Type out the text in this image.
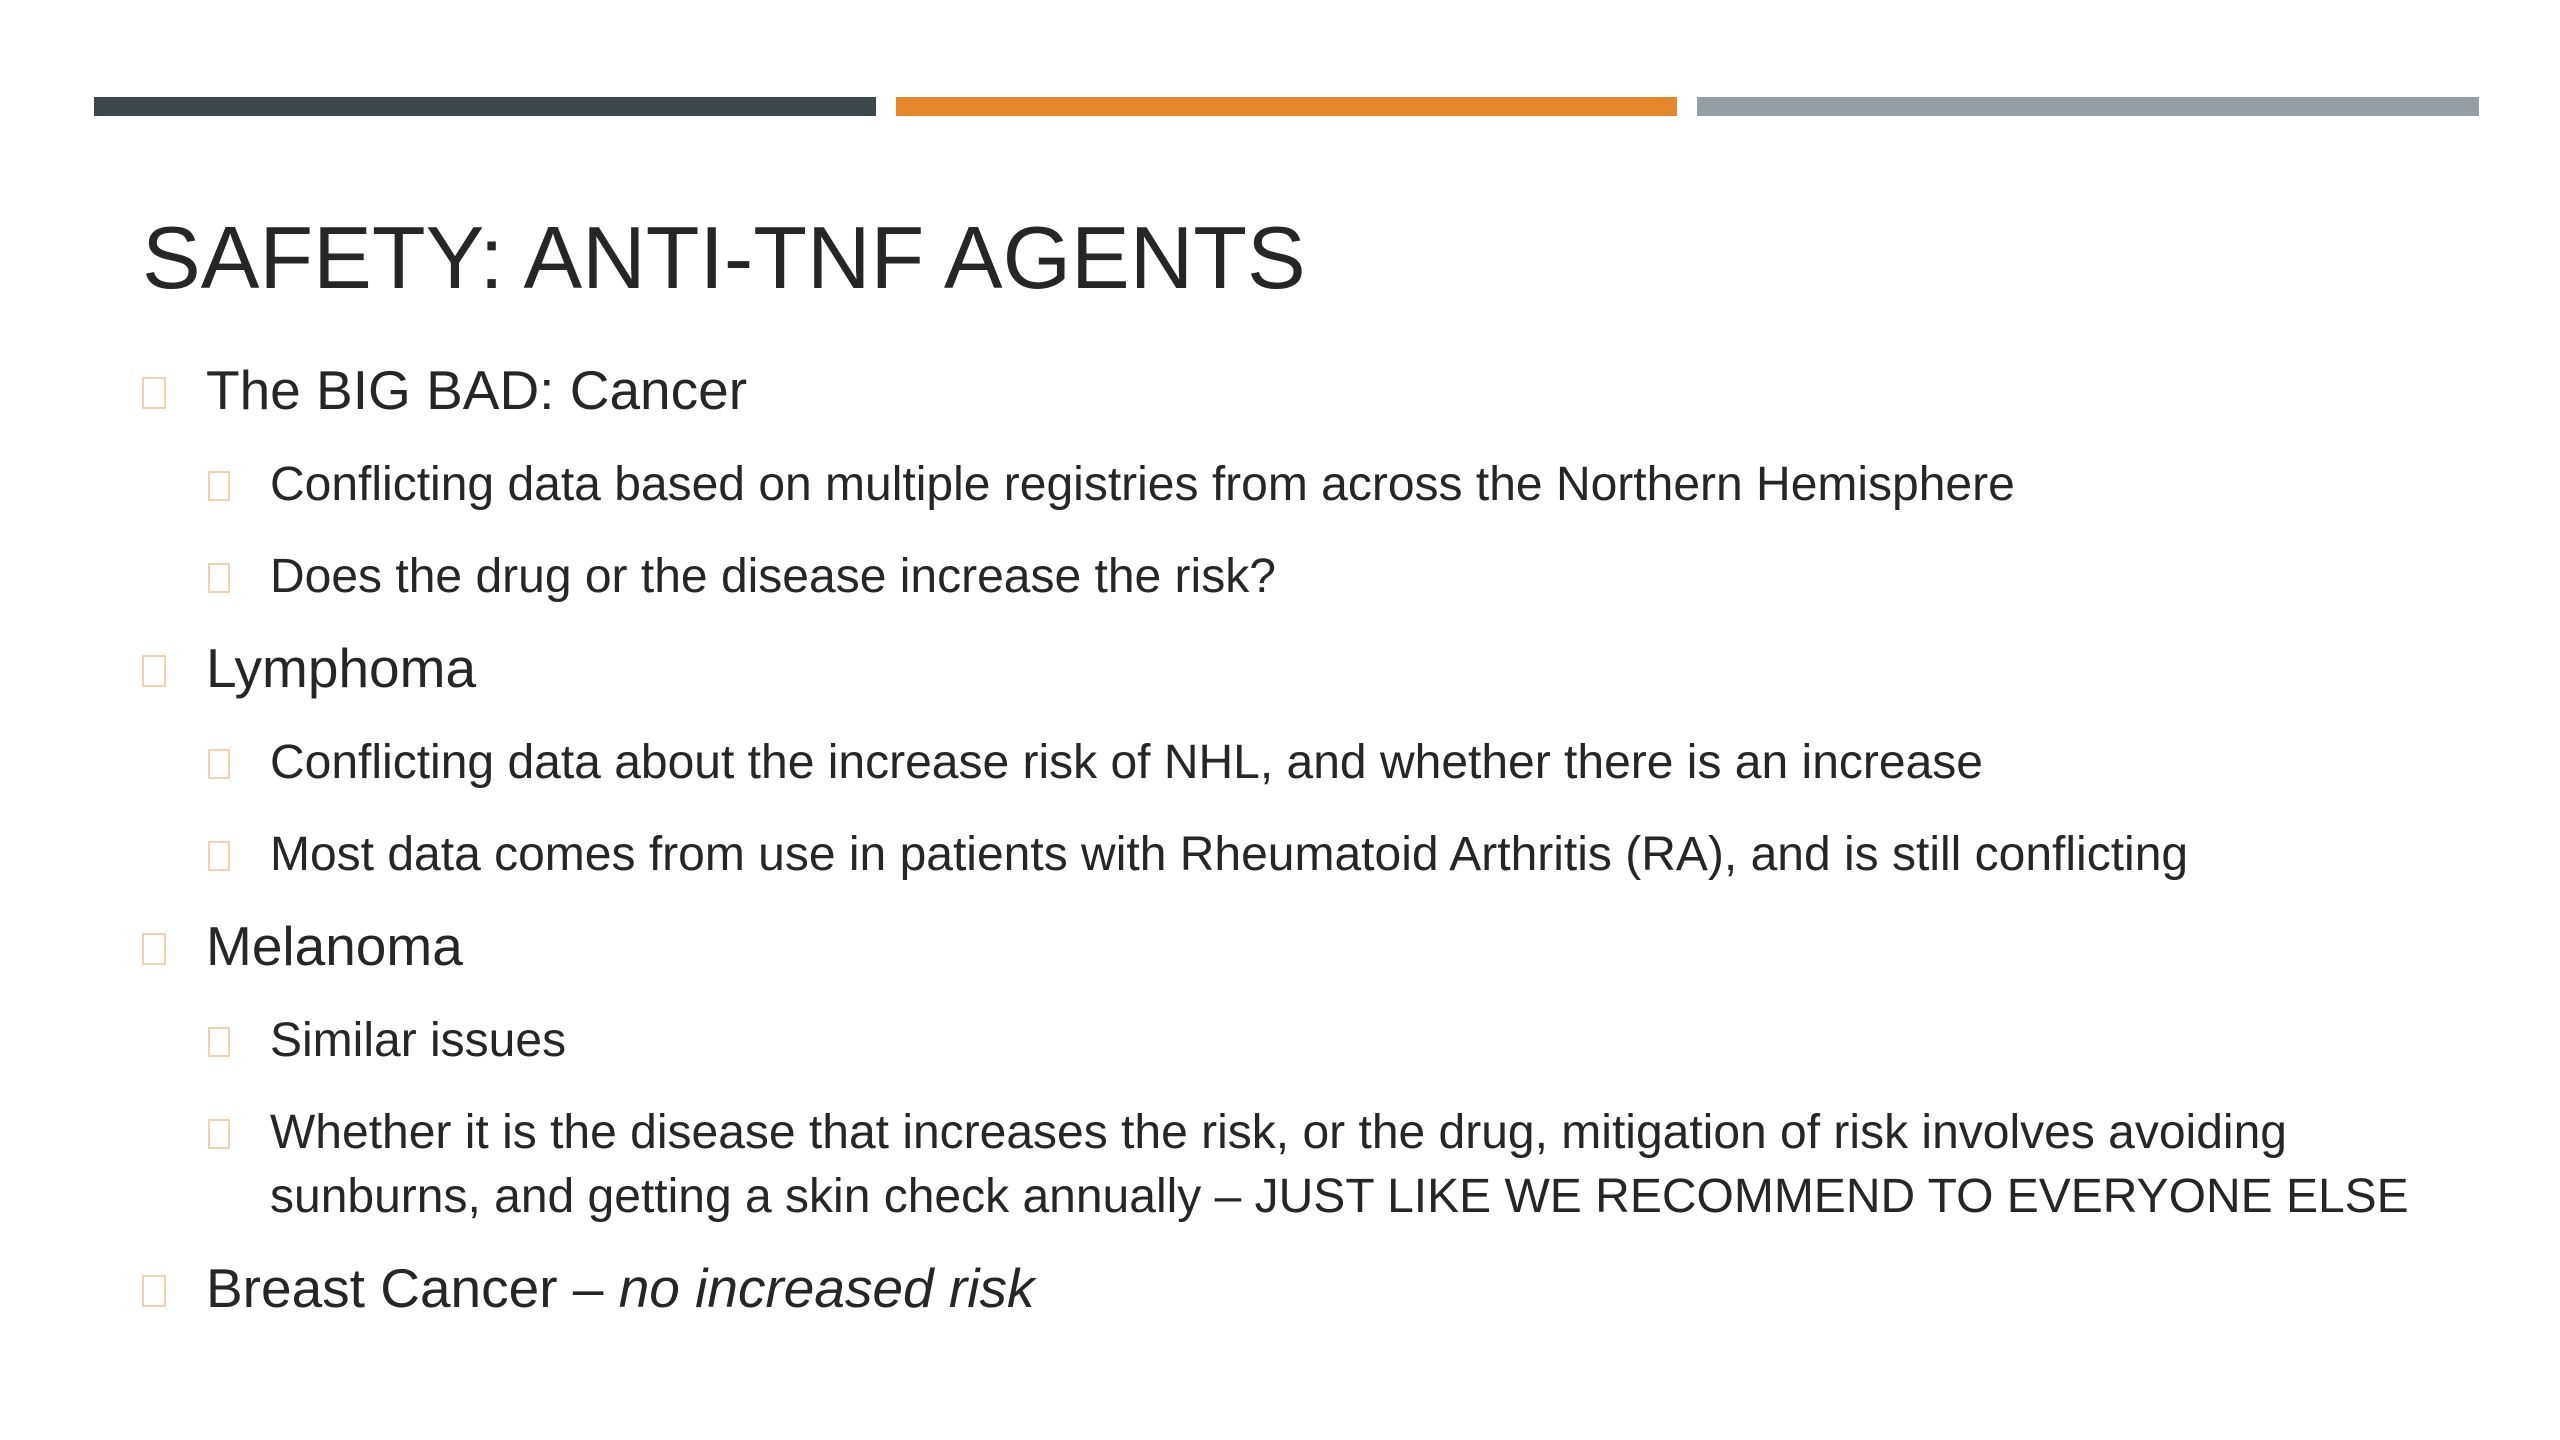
SAFETY: ANTI-TNF AGENTS
The BIG BAD: Cancer
Conflicting data based on multiple registries from across the Northern Hemisphere
Does the drug or the disease increase the risk?
Lymphoma
Conflicting data about the increase risk of NHL, and whether there is an increase
Most data comes from use in patients with Rheumatoid Arthritis (RA), and is still conflicting
Melanoma
Similar issues
Whether it is the disease that increases the risk, or the drug, mitigation of risk involves avoiding sunburns, and getting a skin check annually – JUST LIKE WE RECOMMEND TO EVERYONE ELSE
Breast Cancer – no increased risk
